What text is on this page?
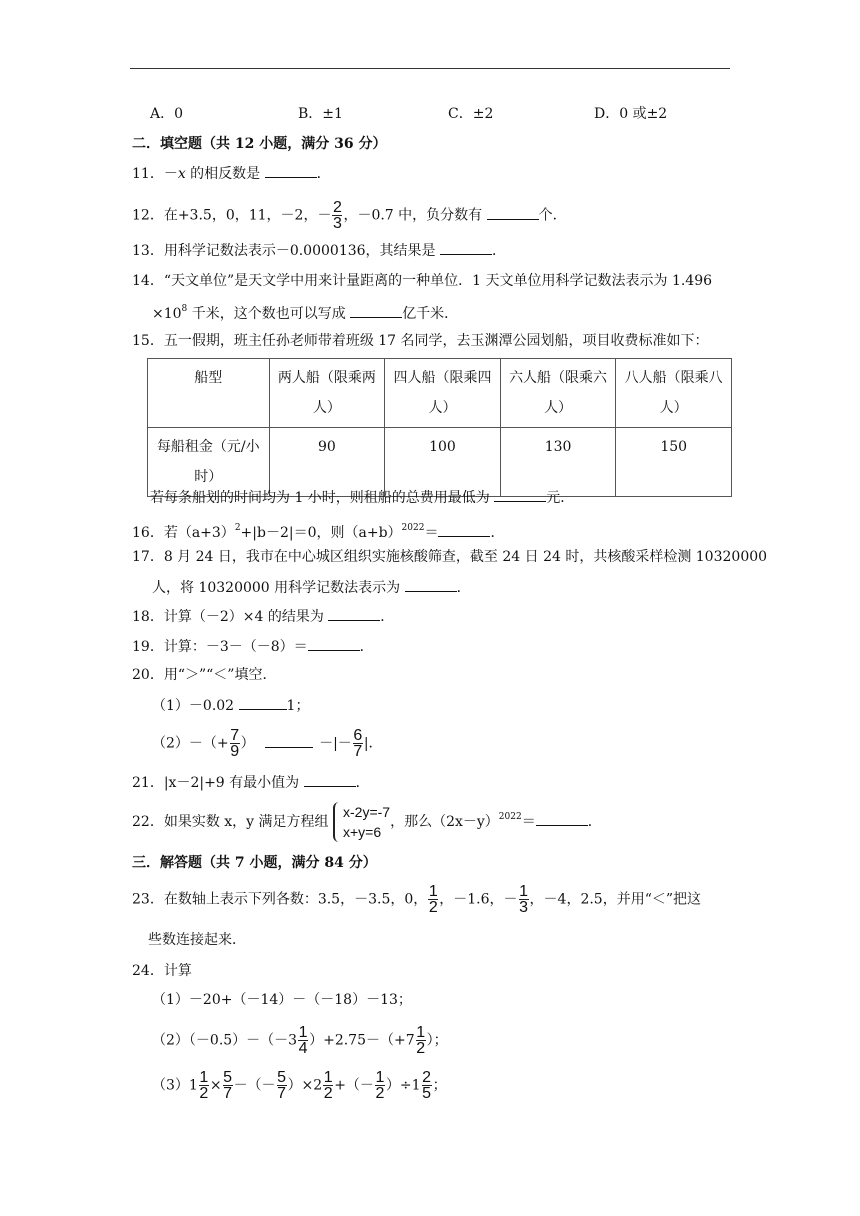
A．0	B．±1	C．±2	D．0 或±2
二．填空题（共 12 小题，满分 36 分）
11．－x 的相反数是	．
12．在+3.5，0，11，－2，－ $\frac{2}{3}$ ，－0.7 中，负分数有	个．
13．用科学记数法表示－0.0000136，其结果是	．
14．“天文单位”是天文学中用来计量距离的一种单位．1 天文单位用科学记数法表示为 1.496
$\times 10^8$ 千米，这个数也可以写成	亿千米．
15．五一假期，班主任孙老师带着班级 17 名同学，去玉渊潭公园划船，项目收费标准如下：
船型	两人船（限乘两人）	四人船（限乘四人）	六人船（限乘六人）	八人船（限乘八人）
每船租金（元/小时）	90	100	130	150
若每条船划的时间均为 1 小时，则租船的总费用最低为	元．
16．若$(a+3)^2+|b-2|=0$，则$(a+b)^{2022}=$	．
17．8 月 24 日，我市在中心城区组织实施核酸筛查，截至 24 日 24 时，共核酸采样检测 10320000
人，将 10320000 用科学记数法表示为	．
18．计算（－2）×4 的结果为	．
19．计算：－3－（－8）＝	．
20．用“＞”“＜”填空．
（1）－0.02	1；
$(2)-(+ \frac{7}{9}$ ）	－|－ $\frac{6}{7}$ |．
21．|x－2|+9 有最小值为	．
22．如果实数 x，y 满足方程组
x-2y=-7
x+y=6
，那么$(2x-y)^{2022}=$	．
三．解答题（共 7 小题，满分 84 分）
23．在数轴上表示下列各数：3.5，－3.5，0， $\frac{1}{2}$ ，－1.6，－ $\frac{1}{3}$ ，－4，2.5，并用“＜”把这
些数连接起来．
24．计算
（1）－20+（－14）－（－18）－13；
$(2)(-0.5)-(-3 \frac{1}{4} )+2.75-(+7 \frac{1}{2}$ ）；
$(3)1 \frac{1}{2} \times \frac{5}{7}$ －（－ $\frac{5}{7} )\times 2 \frac{1}{2}$ +（－ $\frac{1}{2} )\div 1 \frac{2}{5}$ ；
